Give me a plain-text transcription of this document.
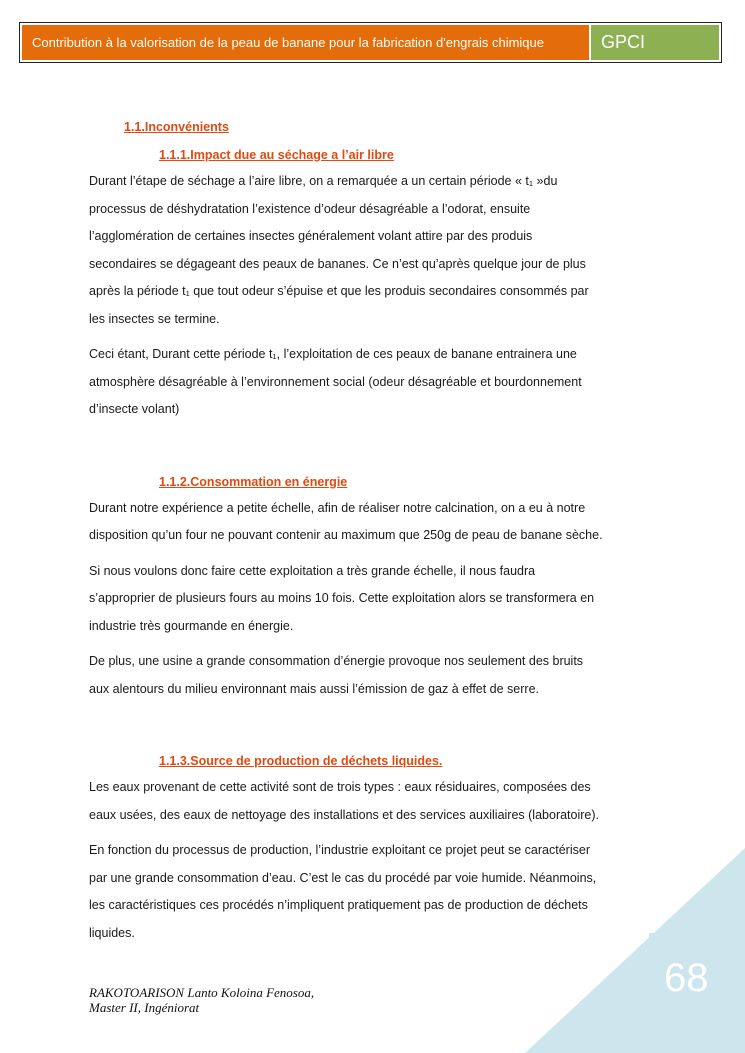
Contribution à la valorisation de la peau de banane pour la fabrication d'engrais chimique	GPCI
1.1.Inconvénients
1.1.1.Impact due au séchage a l’air libre
Durant l’étape de séchage a l’aire libre, on a remarquée a un certain période « t₁ »du
processus de déshydratation l’existence d’odeur désagréable a l’odorat, ensuite
l’agglomération de certaines insectes généralement volant attire par des produis
secondaires se dégageant des peaux de bananes. Ce n’est qu’après quelque jour de plus
après la période t₁ que tout odeur s’épuise et que les produis secondaires consommés par
les insectes se termine.
Ceci étant, Durant cette période t₁, l’exploitation de ces peaux de banane entrainera une
atmosphère désagréable à l’environnement social (odeur désagréable et bourdonnement
d’insecte volant)
1.1.2.Consommation en énergie
Durant notre expérience a petite échelle, afin de réaliser notre calcination, on a eu à notre
disposition qu’un four ne pouvant contenir au maximum que 250g de peau de banane sèche.
Si nous voulons donc faire cette exploitation a très grande échelle, il nous faudra
s’approprier de plusieurs fours au moins 10 fois. Cette exploitation alors se transformera en
industrie très gourmande en énergie.
De plus, une usine a grande consommation d’énergie provoque nos seulement des bruits
aux alentours du milieu environnant mais aussi l’émission de gaz à effet de serre.
1.1.3.Source de production de déchets liquides.
Les eaux provenant de cette activité sont de trois types : eaux résiduaires, composées des
eaux usées, des eaux de nettoyage des installations et des services auxiliaires (laboratoire).
En fonction du processus de production, l’industrie exploitant ce projet peut se caractériser
par une grande consommation d’eau. C’est le cas du procédé par voie humide. Néanmoins,
les caractéristiques ces procédés n’impliquent pratiquement pas de production de déchets
liquides.
68
RAKOTOARISON Lanto Koloina Fenosoa,
Master II, Ingéniorat
